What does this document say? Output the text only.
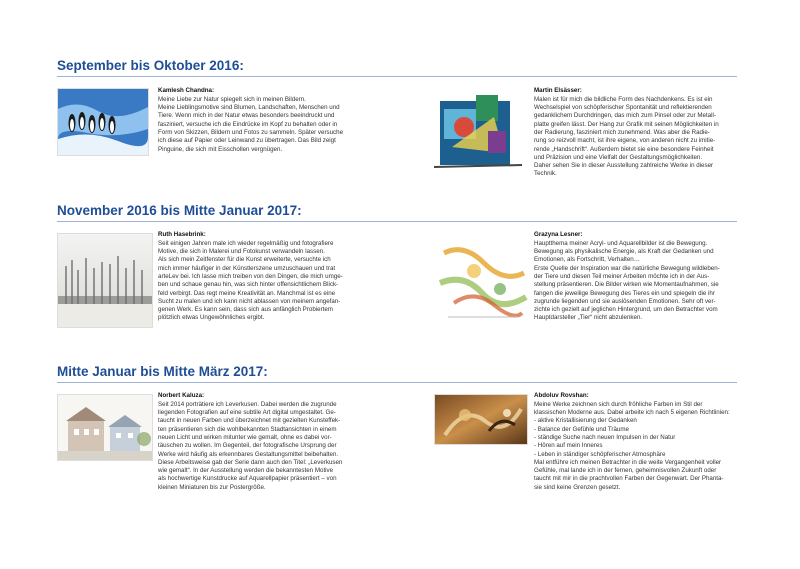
September bis Oktober 2016:
Kamlesh Chandna:
Meine Liebe zur Natur spiegelt sich in meinen Bildern.
Meine Lieblingsmotive sind Blumen, Landschaften, Menschen und
Tiere. Wenn mich in der Natur etwas besonders beeindruckt und
fasziniert, versuche ich die Eindrücke im Kopf zu behalten oder in
Form von Skizzen, Bildern und Fotos zu sammeln. Später versuche
ich diese auf Papier oder Leinwand zu übertragen. Das Bild zeigt
Pinguine, die sich mit Eisschollen vergnügen.
Martin Elsässer:
Malen ist für mich die bildliche Form des Nachdenkens. Es ist ein
Wechselspiel von schöpferischer Spontanität und reflektierenden
gedanklichem Durchdringen, das mich zum Pinsel oder zur Metall-
platte greifen lässt. Der Hang zur Grafik mit seinen Möglichkeiten in
der Radierung, fasziniert mich zunehmend. Was aber die Radie-
rung so reizvoll macht, ist ihre eigene, von anderen nicht zu imitie-
rende „Handschrift“. Außerdem bietet sie eine besondere Feinheit
und Präzision und eine Vielfalt der Gestaltungsmöglichkeiten.
Daher sehen Sie in dieser Ausstellung zahlreiche Werke in dieser
Technik.
November 2016 bis Mitte Januar 2017:
Ruth Hasebrink:
Seit einigen Jahren male ich wieder regelmäßig und fotografiere
Motive, die sich in Malerei und Fotokunst verwandeln lassen.
Als sich mein Zeitfenster für die Kunst erweiterte, versuchte ich
mich immer häufiger in der Künstlerszene umzuschauen und trat
arteLev bei. Ich lasse mich treiben von den Dingen, die mich umge-
ben und schaue genau hin, was sich hinter offensichtlichem Blick-
feld verbirgt. Das regt meine Kreativität an. Manchmal ist es eine
Sucht zu malen und ich kann nicht ablassen von meinem angefan-
genen Werk. Es kann sein, dass sich aus anfänglich Probiertem
plötzlich etwas Ungewöhnliches ergibt.
Grazyna Lesner:
Hauptthema meiner Acryl- und Aquarellbilder ist die Bewegung.
Bewegung als physikalische Energie, als Kraft der Gedanken und
Emotionen, als Fortschritt, Verhalten…
Erste Quelle der Inspiration war die natürliche Bewegung wildleben-
der Tiere und diesen Teil meiner Arbeiten möchte ich in der Aus-
stellung präsentieren. Die Bilder wirken wie Momentaufnahmen, sie
fangen die jeweilige Bewegung des Tieres ein und spiegeln die ihr
zugrunde liegenden und sie auslösenden Emotionen. Sehr oft ver-
zichte ich gezielt auf jeglichen Hintergrund, um den Betrachter vom
Hauptdarsteller „Tier“ nicht abzulenken.
Mitte Januar bis Mitte März 2017:
Norbert Kaluza:
Seit 2014 porträtiere ich Leverkusen. Dabei werden die zugrunde
liegenden Fotografien auf eine subtile Art digital umgestaltet. Ge-
taucht in neuen Farben und überzeichnet mit gezielten Kunsteffek-
ten präsentieren sich die wohlbekannten Stadtansichten in einem
neuen Licht und wirken mitunter wie gemalt, ohne es dabei vor-
täuschen zu wollen. Im Gegenteil, der fotografische Ursprung der
Werke wird häufig als erkennbares Gestaltungsmittel beibehalten.
Diese Arbeitsweise gab der Serie dann auch den Titel: „Leverkusen
wie gemalt“. In der Ausstellung werden die bekanntesten Motive
als hochwertige Kunstdrucke auf Aquarellpapier präsentiert – von
kleinen Miniaturen bis zur Postergröße.
Abdoluv Rovshan:
Meine Werke zeichnen sich durch fröhliche Farben im Stil der
klassischen Moderne aus. Dabei arbeite ich nach 5 eigenen Richtlinien:
- aktive Kristallisierung der Gedanken
- Balance der Gefühle und Träume
- ständige Suche nach neuen Impulsen in der Natur
- Hören auf mein Inneres
- Leben in ständiger schöpferischer Atmosphäre
Mal entführe ich meinen Betrachter in die weite Vergangenheit voller
Gefühle, mal lande ich in der fernen, geheimnisvollen Zukunft oder
taucht mit mir in die prachtvollen Farben der Gegenwart. Der Phanta-
sie sind keine Grenzen gesetzt.
